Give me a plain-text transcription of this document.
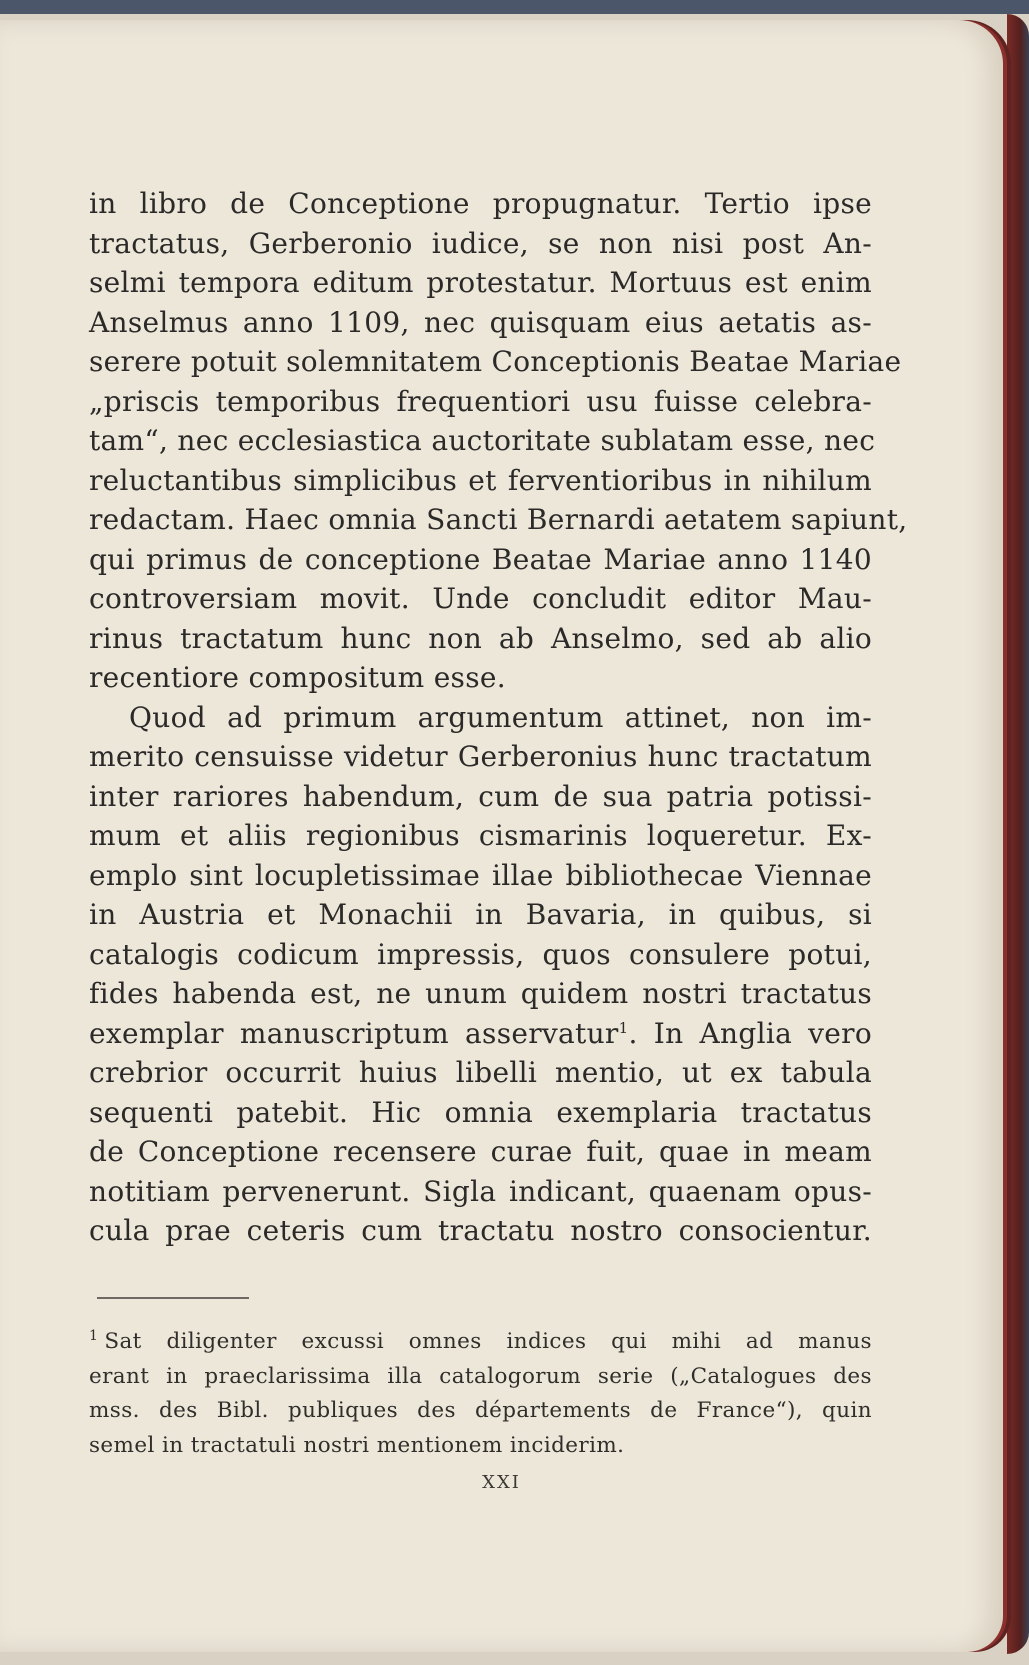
in libro de Conceptione propugnatur. Tertio ipse
tractatus, Gerberonio iudice, se non nisi post An-
selmi tempora editum protestatur. Mortuus est enim
Anselmus anno 1109, nec quisquam eius aetatis as-
serere potuit solemnitatem Conceptionis Beatae Mariae
„priscis temporibus frequentiori usu fuisse celebra-
tam“, nec ecclesiastica auctoritate sublatam esse, nec
reluctantibus simplicibus et ferventioribus in nihilum
redactam. Haec omnia Sancti Bernardi aetatem sapiunt,
qui primus de conceptione Beatae Mariae anno 1140
controversiam movit. Unde concludit editor Mau-
rinus tractatum hunc non ab Anselmo, sed ab alio
recentiore compositum esse.
Quod ad primum argumentum attinet, non im-
merito censuisse videtur Gerberonius hunc tractatum
inter rariores habendum, cum de sua patria potissi-
mum et aliis regionibus cismarinis loqueretur. Ex-
emplo sint locupletissimae illae bibliothecae Viennae
in Austria et Monachii in Bavaria, in quibus, si
catalogis codicum impressis, quos consulere potui,
fides habenda est, ne unum quidem nostri tractatus
exemplar manuscriptum asservatur$^1$. In Anglia vero
crebrior occurrit huius libelli mentio, ut ex tabula
sequenti patebit. Hic omnia exemplaria tractatus
de Conceptione recensere curae fuit, quae in meam
notitiam pervenerunt. Sigla indicant, quaenam opus-
cula prae ceteris cum tractatu nostro consocientur.
$^1$ Sat diligenter excussi omnes indices qui mihi ad manus
erant in praeclarissima illa catalogorum serie („Catalogues des
mss. des Bibl. publiques des départements de France“), quin
semel in tractatuli nostri mentionem inciderim.
XXI
